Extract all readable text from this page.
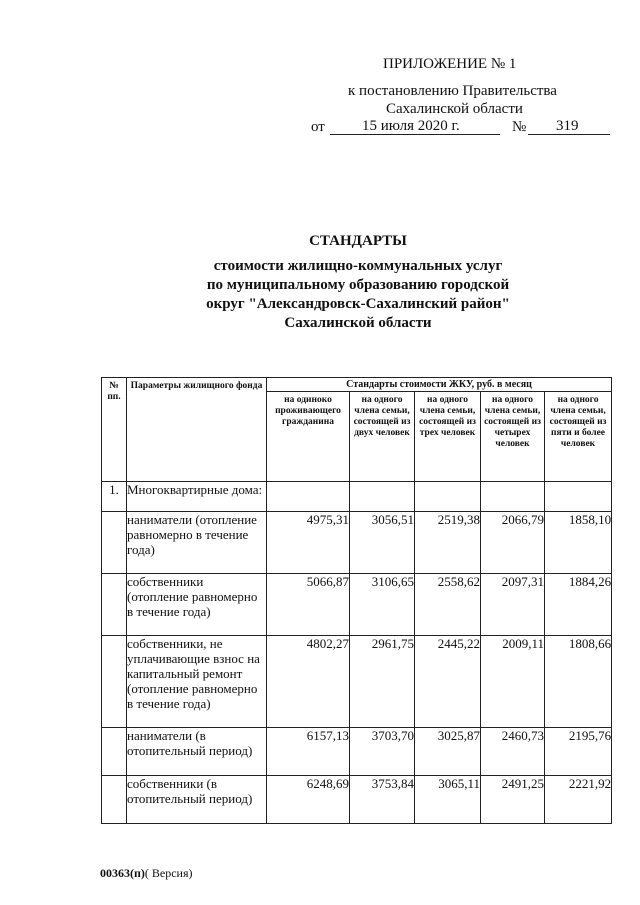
ПРИЛОЖЕНИЕ № 1
к постановлению Правительства
Сахалинской области
от 15 июля 2020 г.	№ 319
СТАНДАРТЫ
стоимости жилищно-коммунальных услуг
по муниципальному образованию городской
округ "Александровск-Сахалинский район"
Сахалинской области
№ пп.	Параметры жилищного фонда	Стандарты стоимости ЖКУ, руб. в месяц				
		на одиноко проживающего гражданина	на одного члена семьи, состоящей из двух человек	на одного члена семьи, состоящей из трех человек	на одного члена семьи, состоящей из четырех человек	на одного члена семьи, состоящей из пяти и более человек
1.	Многоквартирные дома:					
	наниматели (отопление равномерно в течение года)	4975,31	3056,51	2519,38	2066,79	1858,10
	собственники (отопление равномерно в течение года)	5066,87	3106,65	2558,62	2097,31	1884,26
	собственники, не уплачивающие взнос на капитальный ремонт (отопление равномерно в течение года)	4802,27	2961,75	2445,22	2009,11	1808,66
	наниматели (в отопительный период)	6157,13	3703,70	3025,87	2460,73	2195,76
	собственники (в отопительный период)	6248,69	3753,84	3065,11	2491,25	2221,92
00363(п)( Версия)
